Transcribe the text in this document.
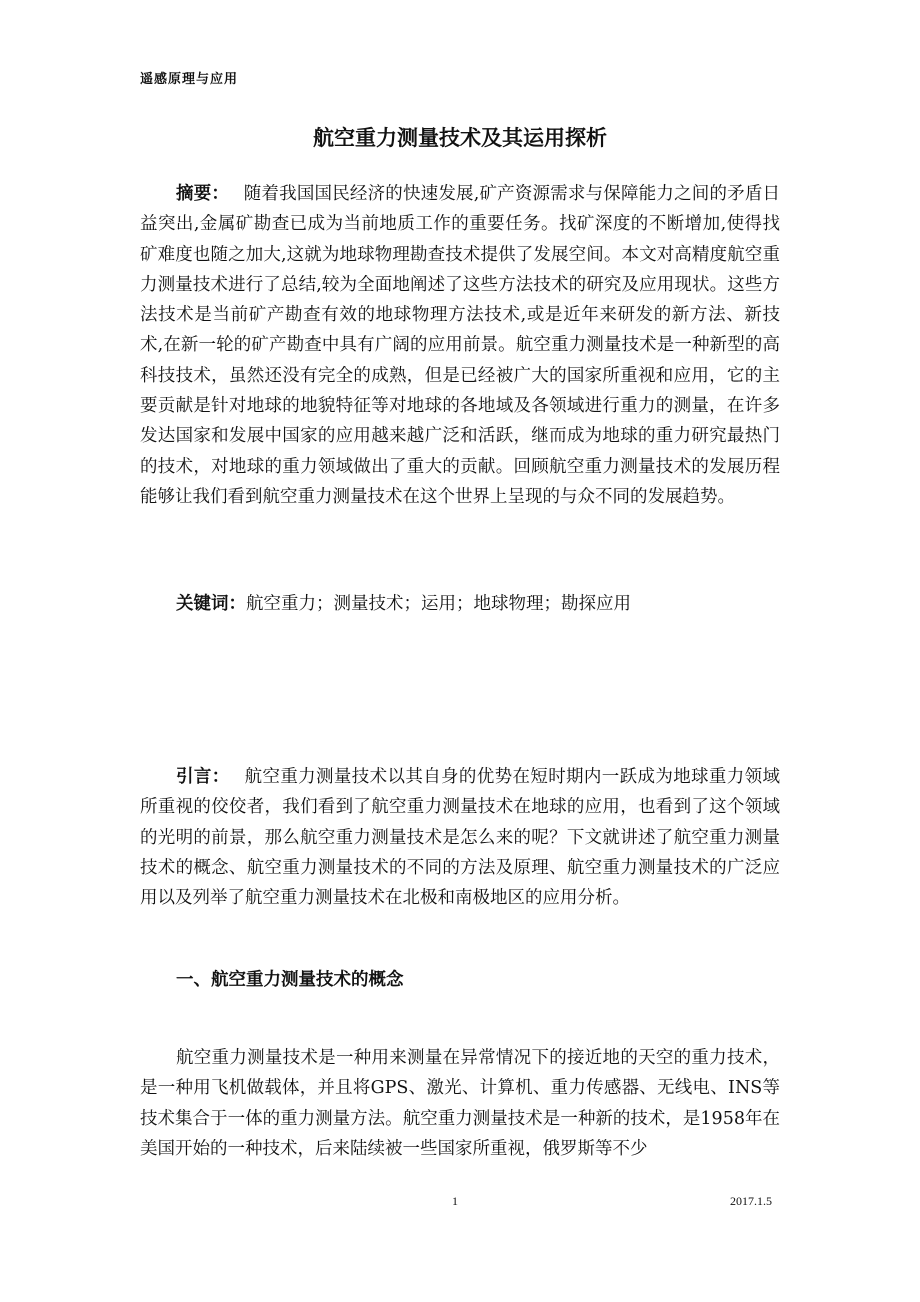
遥感原理与应用
航空重力测量技术及其运用探析

摘要：　 随着我国国民经济的快速发展,矿产资源需求与保障能力之间的矛盾日益突出,金属矿勘查已成为当前地质工作的重要任务。找矿深度的不断增加,使得找矿难度也随之加大,这就为地球物理勘查技术提供了发展空间。本文对高精度航空重力测量技术进行了总结,较为全面地阐述了这些方法技术的研究及应用现状。这些方法技术是当前矿产勘查有效的地球物理方法技术,或是近年来研发的新方法、新技术,在新一轮的矿产勘查中具有广阔的应用前景。航空重力测量技术是一种新型的高科技技术，虽然还没有完全的成熟，但是已经被广大的国家所重视和应用，它的主要贡献是针对地球的地貌特征等对地球的各地域及各领域进行重力的测量，在许多发达国家和发展中国家的应用越来越广泛和活跃，继而成为地球的重力研究最热门的技术，对地球的重力领域做出了重大的贡献。回顾航空重力测量技术的发展历程能够让我们看到航空重力测量技术在这个世界上呈现的与众不同的发展趋势。

关键词：航空重力；测量技术；运用；地球物理；勘探应用

引言：　 航空重力测量技术以其自身的优势在短时期内一跃成为地球重力领域所重视的佼佼者，我们看到了航空重力测量技术在地球的应用，也看到了这个领域的光明的前景，那么航空重力测量技术是怎么来的呢？下文就讲述了航空重力测量技术的概念、航空重力测量技术的不同的方法及原理、航空重力测量技术的广泛应用以及列举了航空重力测量技术在北极和南极地区的应用分析。

一、航空重力测量技术的概念

航空重力测量技术是一种用来测量在异常情况下的接近地的天空的重力技术，是一种用飞机做载体，并且将GPS、激光、计算机、重力传感器、无线电、INS等技术集合于一体的重力测量方法。航空重力测量技术是一种新的技术，是1958年在美国开始的一种技术，后来陆续被一些国家所重视，俄罗斯等不少

1	2017.1.5
